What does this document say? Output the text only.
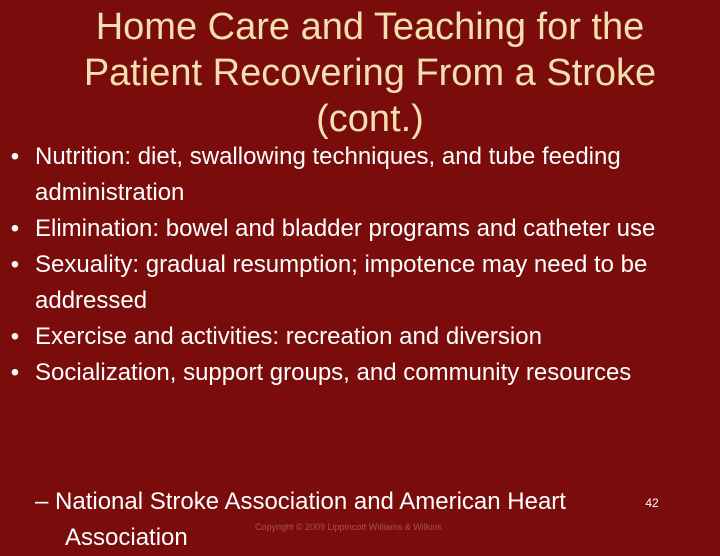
Home Care and Teaching for the Patient Recovering From a Stroke (cont.)
• Nutrition: diet, swallowing techniques, and tube feeding administration
• Elimination: bowel and bladder programs and catheter use
• Sexuality: gradual resumption; impotence may need to be addressed
• Exercise and activities: recreation and diversion
• Socialization, support groups, and community resources
– National Stroke Association and American Heart
Association	Copyright © 2009 Lippincott Williams & Wilkins
42
